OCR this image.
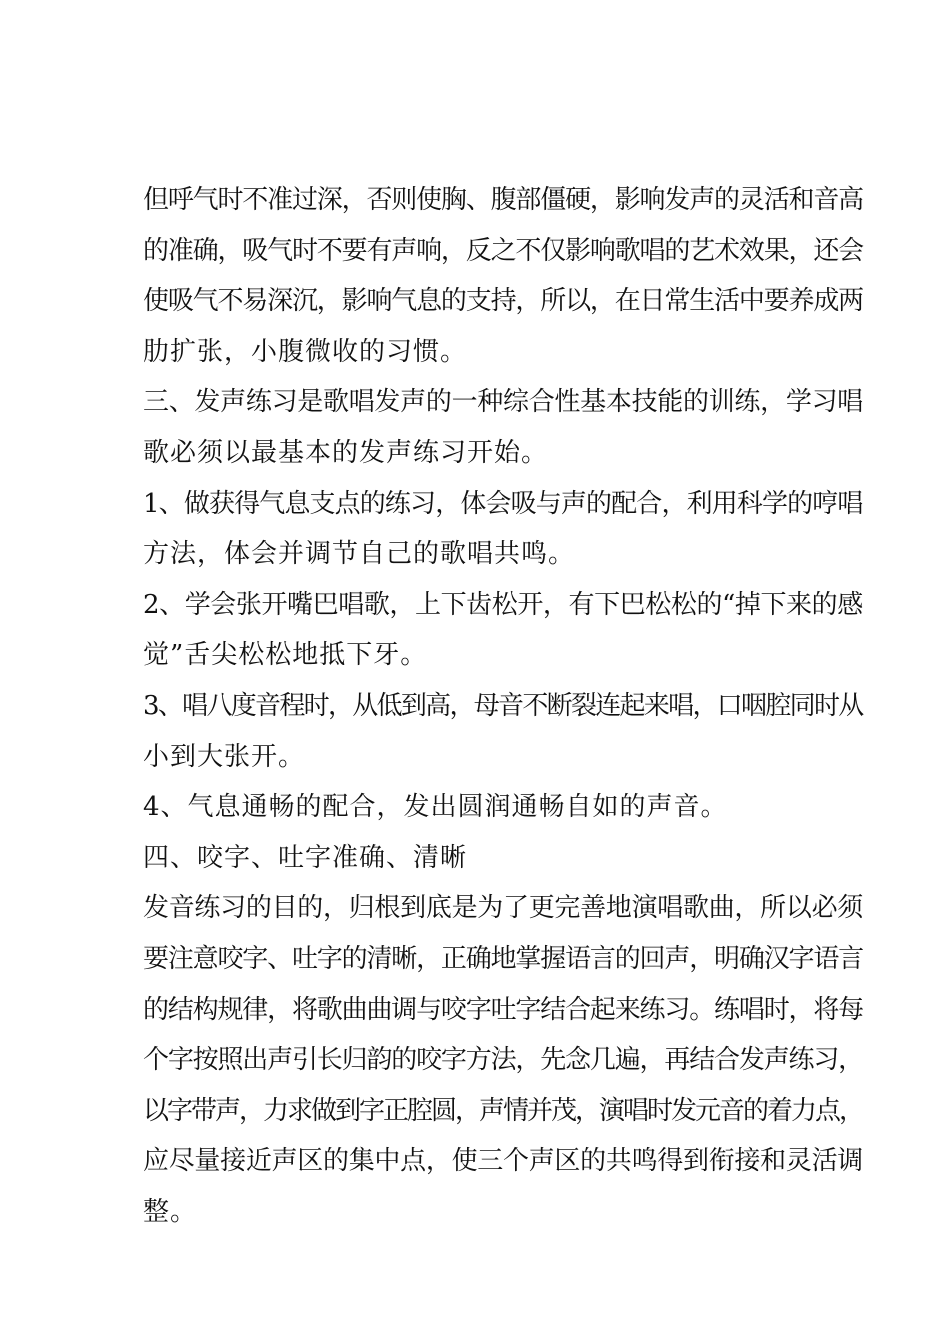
但呼气时不准过深，否则使胸、腹部僵硬，影响发声的灵活和音高
的准确，吸气时不要有声响，反之不仅影响歌唱的艺术效果，还会
使吸气不易深沉，影响气息的支持，所以，在日常生活中要养成两
肋扩张，小腹微收的习惯。
三、发声练习是歌唱发声的一种综合性基本技能的训练，学习唱
歌必须以最基本的发声练习开始。
1、做获得气息支点的练习，体会吸与声的配合，利用科学的哼唱
方法，体会并调节自己的歌唱共鸣。
2、学会张开嘴巴唱歌，上下齿松开，有下巴松松的“掉下来的感
觉”舌尖松松地抵下牙。
3、唱八度音程时，从低到高，母音不断裂连起来唱，口咽腔同时从
小到大张开。
4、气息通畅的配合，发出圆润通畅自如的声音。
四、咬字、吐字准确、清晰
发音练习的目的，归根到底是为了更完善地演唱歌曲，所以必须
要注意咬字、吐字的清晰，正确地掌握语言的回声，明确汉字语言
的结构规律，将歌曲曲调与咬字吐字结合起来练习。练唱时，将每
个字按照出声引长归韵的咬字方法，先念几遍，再结合发声练习，
以字带声，力求做到字正腔圆，声情并茂，演唱时发元音的着力点，
应尽量接近声区的集中点，使三个声区的共鸣得到衔接和灵活调
整。
